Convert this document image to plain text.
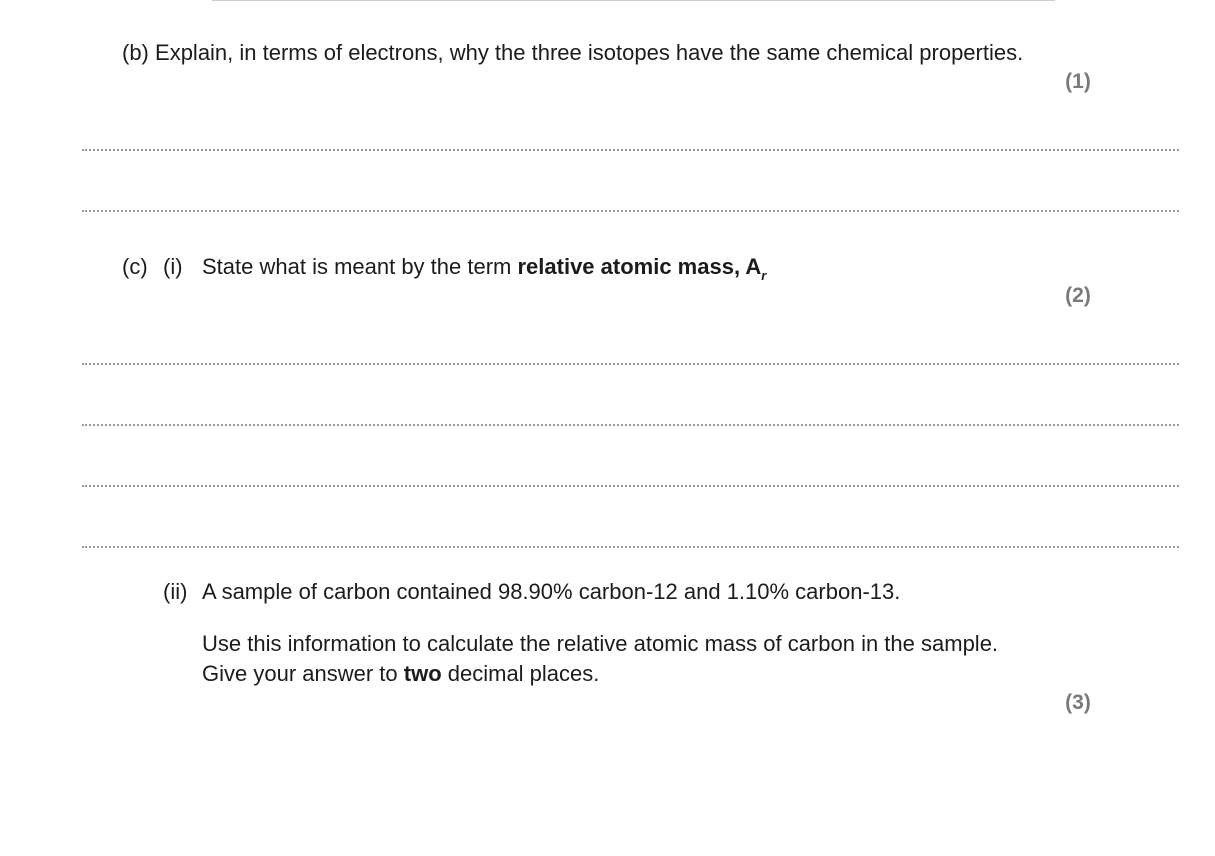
(b) Explain, in terms of electrons, why the three isotopes have the same chemical properties.
(1)
(c) (i) State what is meant by the term relative atomic mass, $A_r$
(2)
(ii) A sample of carbon contained 98.90% carbon-12 and 1.10% carbon-13.
Use this information to calculate the relative atomic mass of carbon in the sample.
Give your answer to two decimal places.
(3)
